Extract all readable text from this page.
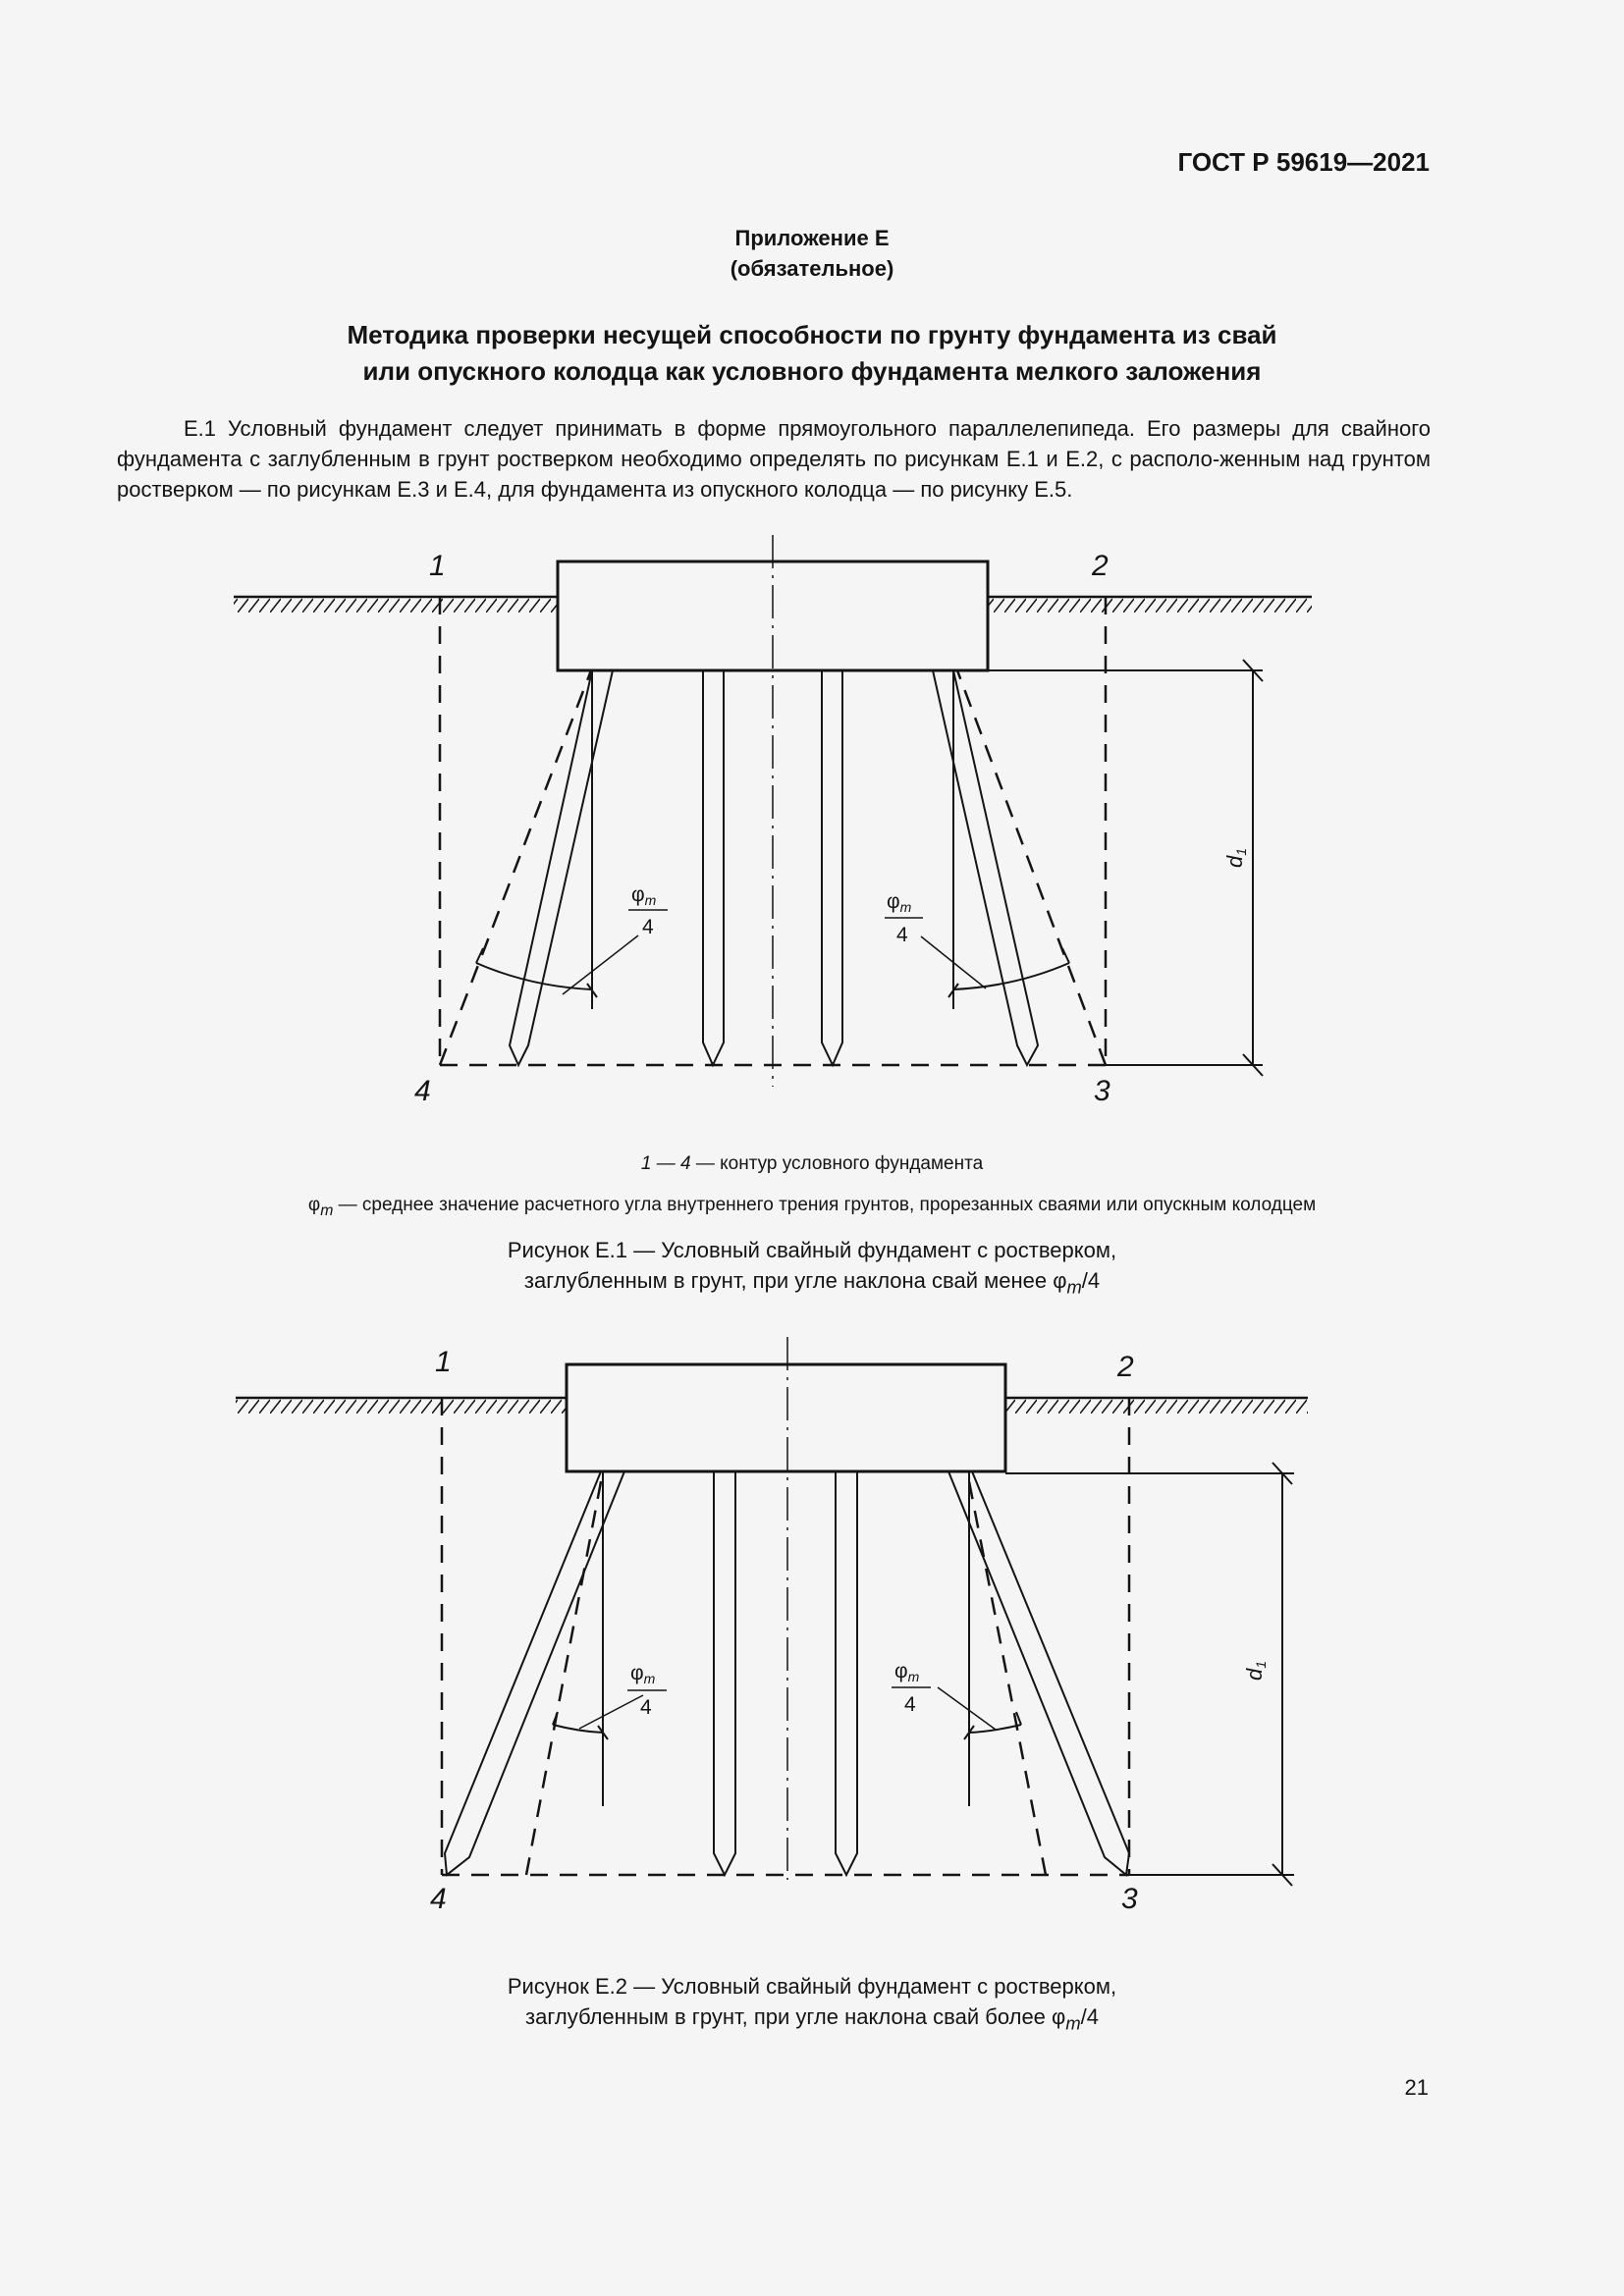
ГОСТ Р 59619—2021
Приложение Е
(обязательное)
Методика проверки несущей способности по грунту фундамента из свай
или опускного колодца как условного фундамента мелкого заложения
Е.1 Условный фундамент следует принимать в форме прямоугольного параллелепипеда. Его размеры для свайного фундамента с заглубленным в грунт ростверком необходимо определять по рисункам Е.1 и Е.2, с располо-женным над грунтом ростверком — по рисункам Е.3 и Е.4, для фундамента из опускного колодца — по рисунку Е.5.
φm
4
φm
4
d1
1	2
3
4
1 — 4 — контур условного фундамента
$\varphi_m$ — среднее значение расчетного угла внутреннего трения грунтов, прорезанных сваями или опускным колодцем
Рисунок Е.1 — Условный свайный фундамент с ростверком,
заглубленным в грунт, при угле наклона свай менее $\varphi_m/4$
φm
4
φm
4
d1
1	2
3
4
Рисунок Е.2 — Условный свайный фундамент с ростверком,
заглубленным в грунт, при угле наклона свай более $\varphi_m/4$
21
